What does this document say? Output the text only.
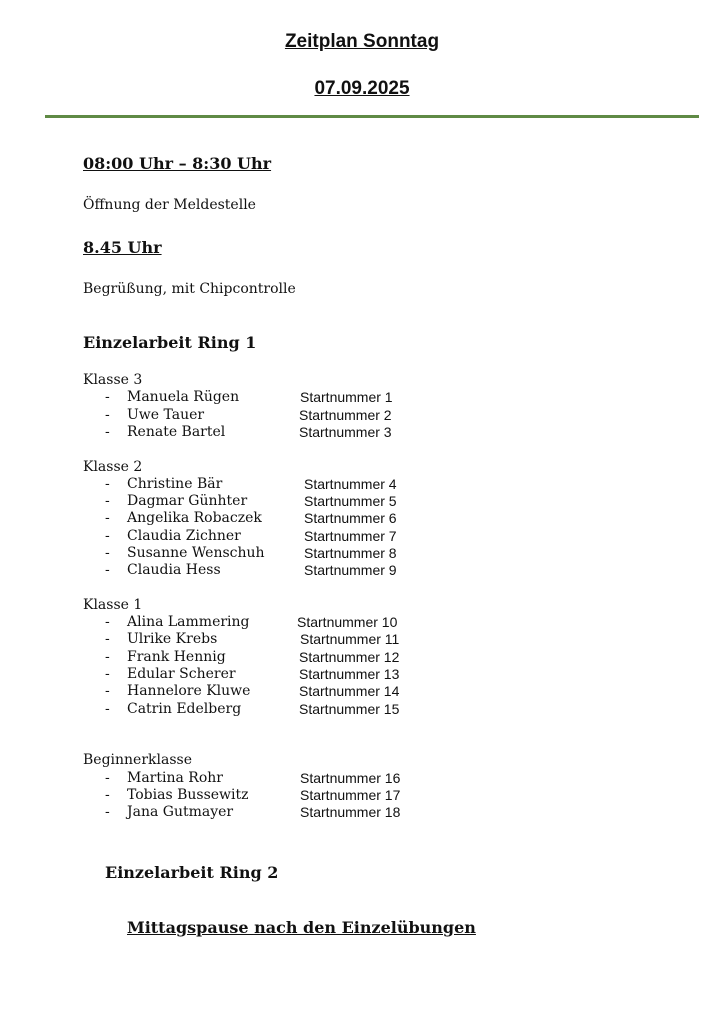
Zeitplan Sonntag
07.09.2025
08:00 Uhr – 8:30 Uhr
Öffnung der Meldestelle
8.45 Uhr
Begrüßung, mit Chipcontrolle
Einzelarbeit Ring 1
Klasse 3
- Manuela Rügen	Startnummer 1
- Uwe Tauer	Startnummer 2
- Renate Bartel	Startnummer 3
Klasse 2
- Christine Bär	Startnummer 4
- Dagmar Günhter	Startnummer 5
- Angelika Robaczek	Startnummer 6
- Claudia Zichner	Startnummer 7
- Susanne Wenschuh	Startnummer 8
- Claudia Hess	Startnummer 9
Klasse 1
- Alina Lammering	Startnummer 10
- Ulrike Krebs	Startnummer 11
- Frank Hennig	Startnummer 12
- Edular Scherer	Startnummer 13
- Hannelore Kluwe	Startnummer 14
- Catrin Edelberg	Startnummer 15
Beginnerklasse
- Martina Rohr	Startnummer 16
- Tobias Bussewitz	Startnummer 17
- Jana Gutmayer	Startnummer 18
Einzelarbeit Ring 2
Mittagspause nach den Einzelübungen
